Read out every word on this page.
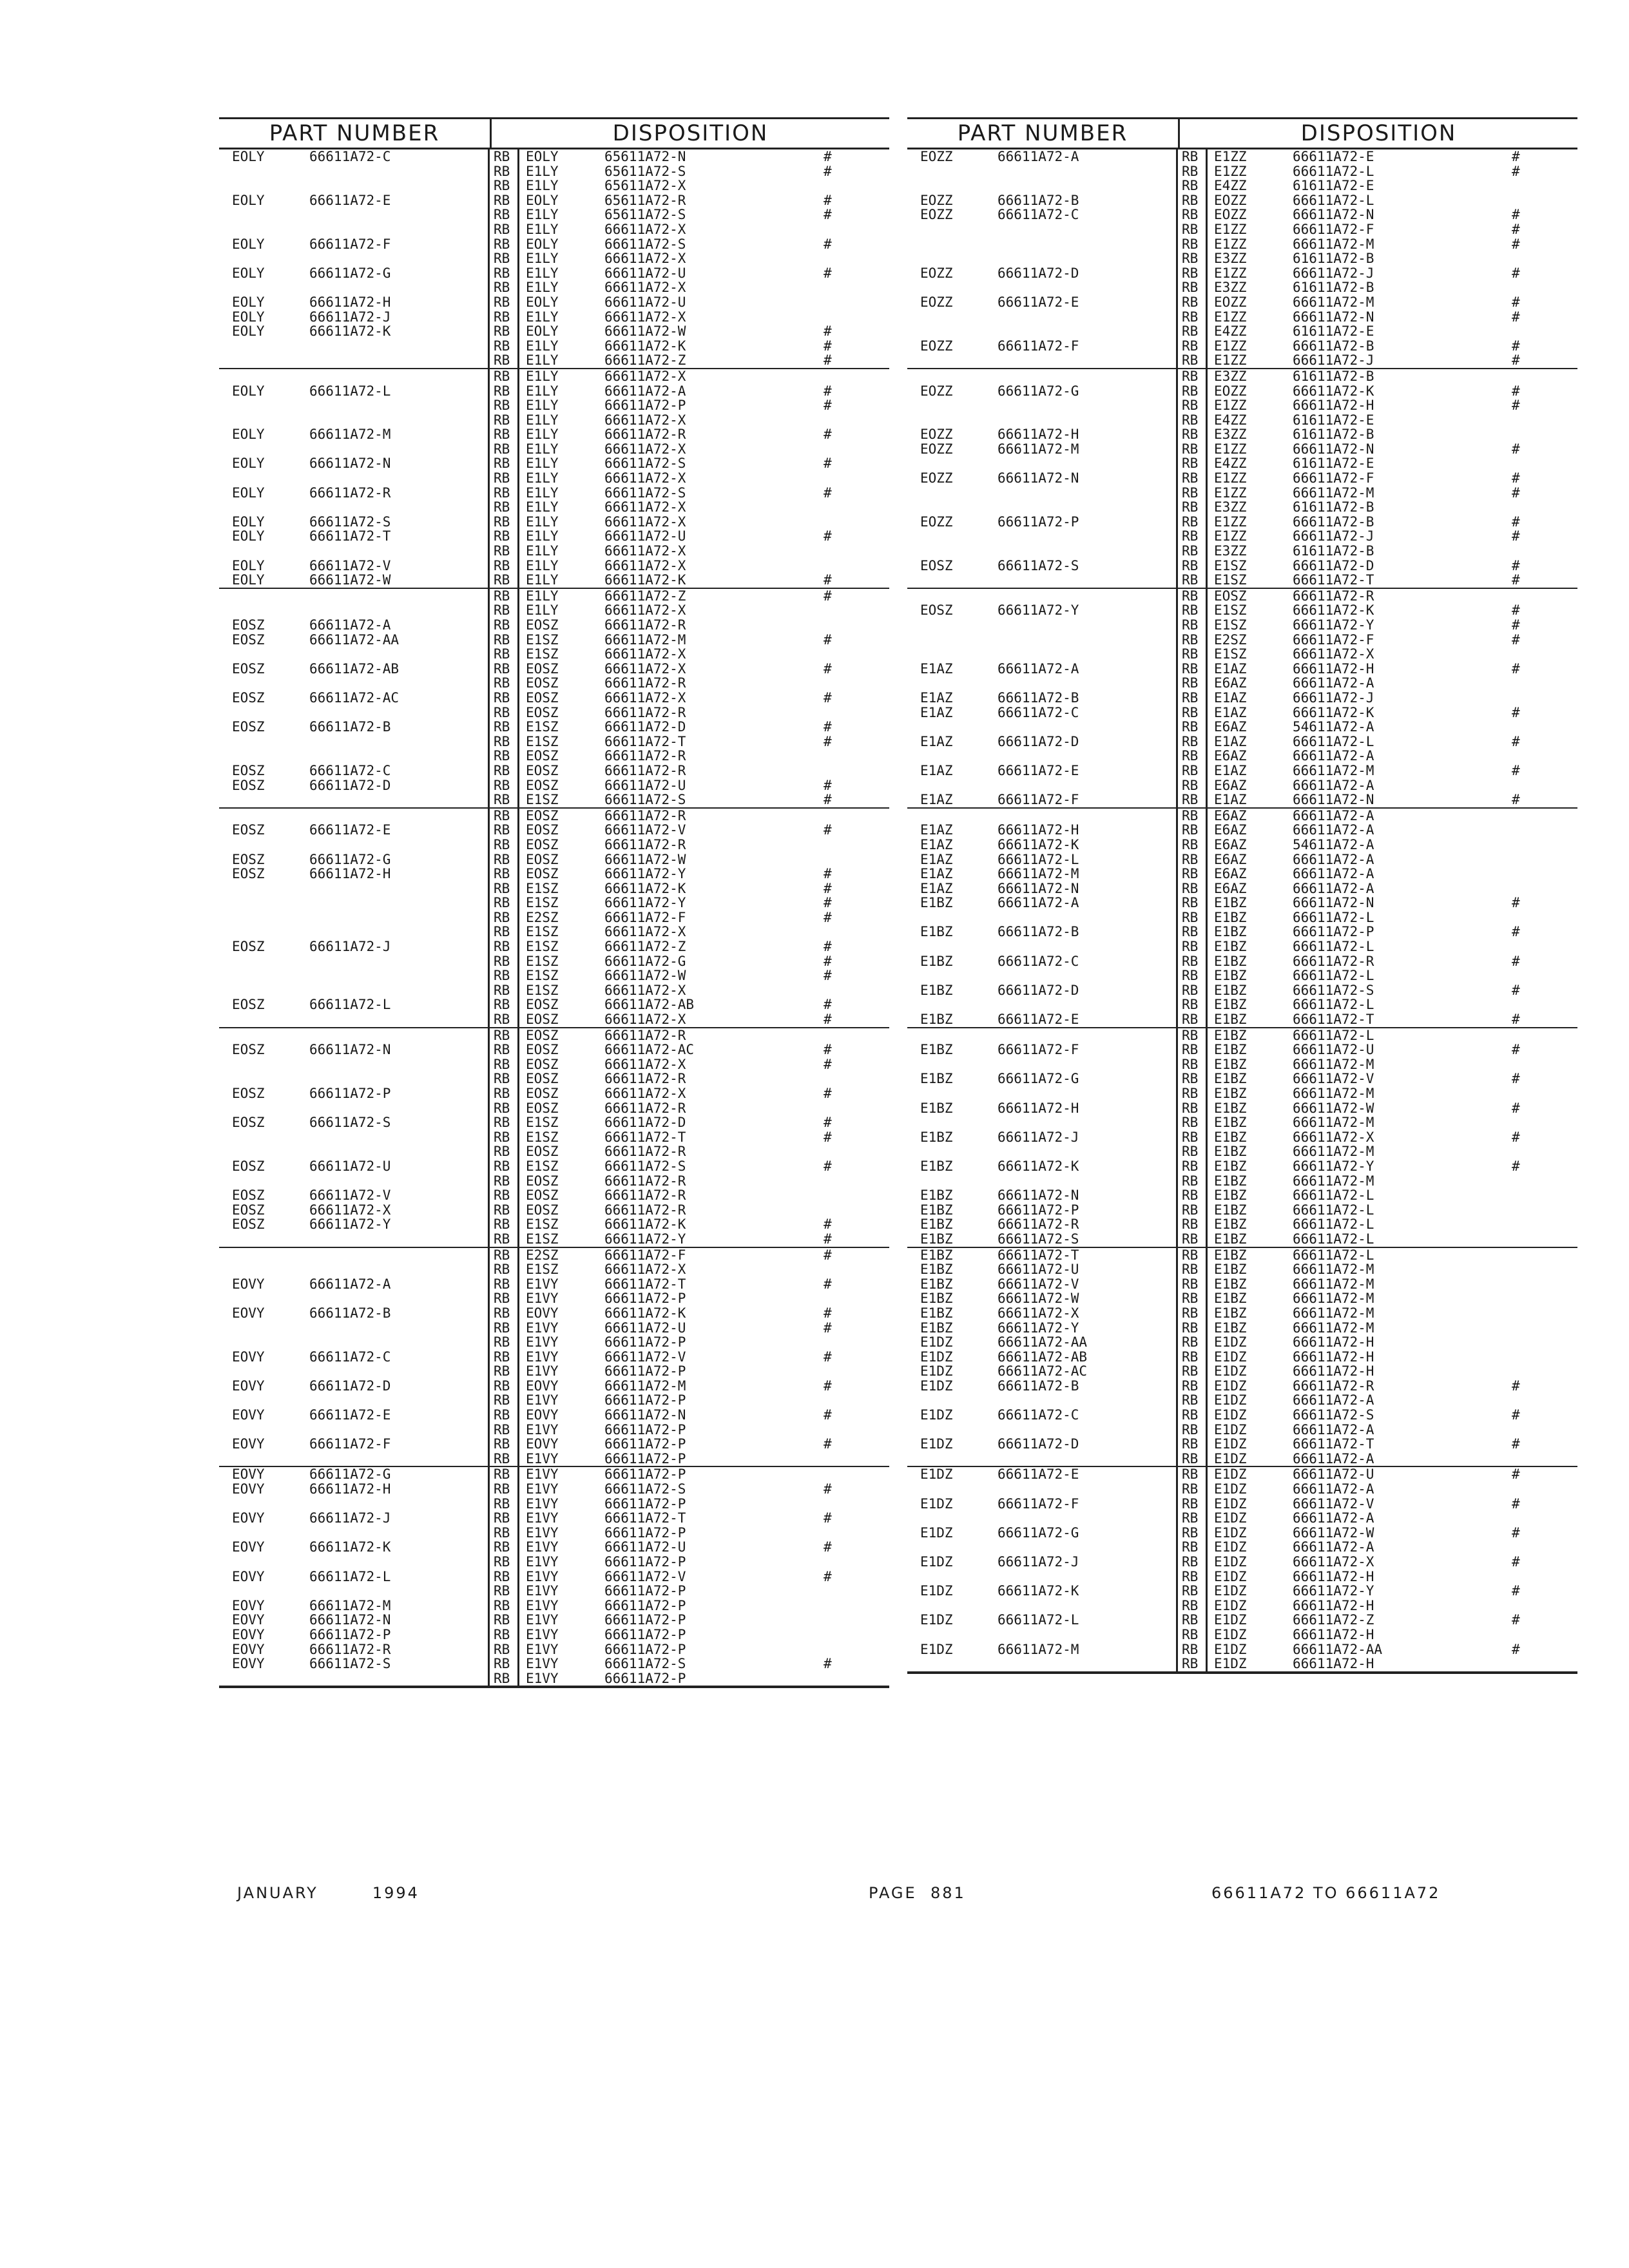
PART NUMBER	DISPOSITION
EOLY	66611A72-C	RB	EOLY	65611A72-N	#
RB	E1LY	65611A72-S	#
RB	E1LY	65611A72-X
EOLY	66611A72-E	RB	EOLY	65611A72-R	#
RB	E1LY	65611A72-S	#
RB	E1LY	66611A72-X
EOLY	66611A72-F	RB	EOLY	66611A72-S	#
RB	E1LY	66611A72-X
EOLY	66611A72-G	RB	E1LY	66611A72-U	#
RB	E1LY	66611A72-X
EOLY	66611A72-H	RB	EOLY	66611A72-U
EOLY	66611A72-J	RB	E1LY	66611A72-X
EOLY	66611A72-K	RB	EOLY	66611A72-W	#
RB	E1LY	66611A72-K	#
RB	E1LY	66611A72-Z	#
RB	E1LY	66611A72-X
EOLY	66611A72-L	RB	E1LY	66611A72-A	#
RB	E1LY	66611A72-P	#
RB	E1LY	66611A72-X
EOLY	66611A72-M	RB	E1LY	66611A72-R	#
RB	E1LY	66611A72-X
EOLY	66611A72-N	RB	E1LY	66611A72-S	#
RB	E1LY	66611A72-X
EOLY	66611A72-R	RB	E1LY	66611A72-S	#
RB	E1LY	66611A72-X
EOLY	66611A72-S	RB	E1LY	66611A72-X
EOLY	66611A72-T	RB	E1LY	66611A72-U	#
RB	E1LY	66611A72-X
EOLY	66611A72-V	RB	E1LY	66611A72-X
EOLY	66611A72-W	RB	E1LY	66611A72-K	#
RB	E1LY	66611A72-Z	#
RB	E1LY	66611A72-X
EOSZ	66611A72-A	RB	EOSZ	66611A72-R
EOSZ	66611A72-AA	RB	E1SZ	66611A72-M	#
RB	E1SZ	66611A72-X
EOSZ	66611A72-AB	RB	EOSZ	66611A72-X	#
RB	EOSZ	66611A72-R
EOSZ	66611A72-AC	RB	EOSZ	66611A72-X	#
RB	EOSZ	66611A72-R
EOSZ	66611A72-B	RB	E1SZ	66611A72-D	#
RB	E1SZ	66611A72-T	#
RB	EOSZ	66611A72-R
EOSZ	66611A72-C	RB	EOSZ	66611A72-R
EOSZ	66611A72-D	RB	EOSZ	66611A72-U	#
RB	E1SZ	66611A72-S	#
RB	EOSZ	66611A72-R
EOSZ	66611A72-E	RB	EOSZ	66611A72-V	#
RB	EOSZ	66611A72-R
EOSZ	66611A72-G	RB	EOSZ	66611A72-W
EOSZ	66611A72-H	RB	EOSZ	66611A72-Y	#
RB	E1SZ	66611A72-K	#
RB	E1SZ	66611A72-Y	#
RB	E2SZ	66611A72-F	#
RB	E1SZ	66611A72-X
EOSZ	66611A72-J	RB	E1SZ	66611A72-Z	#
RB	E1SZ	66611A72-G	#
RB	E1SZ	66611A72-W	#
RB	E1SZ	66611A72-X
EOSZ	66611A72-L	RB	EOSZ	66611A72-AB	#
RB	EOSZ	66611A72-X	#
RB	EOSZ	66611A72-R
EOSZ	66611A72-N	RB	EOSZ	66611A72-AC	#
RB	EOSZ	66611A72-X	#
RB	EOSZ	66611A72-R
EOSZ	66611A72-P	RB	EOSZ	66611A72-X	#
RB	EOSZ	66611A72-R
EOSZ	66611A72-S	RB	E1SZ	66611A72-D	#
RB	E1SZ	66611A72-T	#
RB	EOSZ	66611A72-R
EOSZ	66611A72-U	RB	E1SZ	66611A72-S	#
RB	EOSZ	66611A72-R
EOSZ	66611A72-V	RB	EOSZ	66611A72-R
EOSZ	66611A72-X	RB	EOSZ	66611A72-R
EOSZ	66611A72-Y	RB	E1SZ	66611A72-K	#
RB	E1SZ	66611A72-Y	#
RB	E2SZ	66611A72-F	#
RB	E1SZ	66611A72-X
EOVY	66611A72-A	RB	E1VY	66611A72-T	#
RB	E1VY	66611A72-P
EOVY	66611A72-B	RB	EOVY	66611A72-K	#
RB	E1VY	66611A72-U	#
RB	E1VY	66611A72-P
EOVY	66611A72-C	RB	E1VY	66611A72-V	#
RB	E1VY	66611A72-P
EOVY	66611A72-D	RB	EOVY	66611A72-M	#
RB	E1VY	66611A72-P
EOVY	66611A72-E	RB	EOVY	66611A72-N	#
RB	E1VY	66611A72-P
EOVY	66611A72-F	RB	EOVY	66611A72-P	#
RB	E1VY	66611A72-P
EOVY	66611A72-G	RB	E1VY	66611A72-P
EOVY	66611A72-H	RB	E1VY	66611A72-S	#
RB	E1VY	66611A72-P
EOVY	66611A72-J	RB	E1VY	66611A72-T	#
RB	E1VY	66611A72-P
EOVY	66611A72-K	RB	E1VY	66611A72-U	#
RB	E1VY	66611A72-P
EOVY	66611A72-L	RB	E1VY	66611A72-V	#
RB	E1VY	66611A72-P
EOVY	66611A72-M	RB	E1VY	66611A72-P
EOVY	66611A72-N	RB	E1VY	66611A72-P
EOVY	66611A72-P	RB	E1VY	66611A72-P
EOVY	66611A72-R	RB	E1VY	66611A72-P
EOVY	66611A72-S	RB	E1VY	66611A72-S	#
RB	E1VY	66611A72-P
PART NUMBER	DISPOSITION
EOZZ	66611A72-A	RB	E1ZZ	66611A72-E	#
RB	E1ZZ	66611A72-L	#
RB	E4ZZ	61611A72-E
EOZZ	66611A72-B	RB	EOZZ	66611A72-L
EOZZ	66611A72-C	RB	EOZZ	66611A72-N	#
RB	E1ZZ	66611A72-F	#
RB	E1ZZ	66611A72-M	#
RB	E3ZZ	61611A72-B
EOZZ	66611A72-D	RB	E1ZZ	66611A72-J	#
RB	E3ZZ	61611A72-B
EOZZ	66611A72-E	RB	EOZZ	66611A72-M	#
RB	E1ZZ	66611A72-N	#
RB	E4ZZ	61611A72-E
EOZZ	66611A72-F	RB	E1ZZ	66611A72-B	#
RB	E1ZZ	66611A72-J	#
RB	E3ZZ	61611A72-B
EOZZ	66611A72-G	RB	EOZZ	66611A72-K	#
RB	E1ZZ	66611A72-H	#
RB	E4ZZ	61611A72-E
EOZZ	66611A72-H	RB	E3ZZ	61611A72-B
EOZZ	66611A72-M	RB	E1ZZ	66611A72-N	#
RB	E4ZZ	61611A72-E
EOZZ	66611A72-N	RB	E1ZZ	66611A72-F	#
RB	E1ZZ	66611A72-M	#
RB	E3ZZ	61611A72-B
EOZZ	66611A72-P	RB	E1ZZ	66611A72-B	#
RB	E1ZZ	66611A72-J	#
RB	E3ZZ	61611A72-B
EOSZ	66611A72-S	RB	E1SZ	66611A72-D	#
RB	E1SZ	66611A72-T	#
RB	EOSZ	66611A72-R
EOSZ	66611A72-Y	RB	E1SZ	66611A72-K	#
RB	E1SZ	66611A72-Y	#
RB	E2SZ	66611A72-F	#
RB	E1SZ	66611A72-X
E1AZ	66611A72-A	RB	E1AZ	66611A72-H	#
RB	E6AZ	66611A72-A
E1AZ	66611A72-B	RB	E1AZ	66611A72-J
E1AZ	66611A72-C	RB	E1AZ	66611A72-K	#
RB	E6AZ	54611A72-A
E1AZ	66611A72-D	RB	E1AZ	66611A72-L	#
RB	E6AZ	66611A72-A
E1AZ	66611A72-E	RB	E1AZ	66611A72-M	#
RB	E6AZ	66611A72-A
E1AZ	66611A72-F	RB	E1AZ	66611A72-N	#
RB	E6AZ	66611A72-A
E1AZ	66611A72-H	RB	E6AZ	66611A72-A
E1AZ	66611A72-K	RB	E6AZ	54611A72-A
E1AZ	66611A72-L	RB	E6AZ	66611A72-A
E1AZ	66611A72-M	RB	E6AZ	66611A72-A
E1AZ	66611A72-N	RB	E6AZ	66611A72-A
E1BZ	66611A72-A	RB	E1BZ	66611A72-N	#
RB	E1BZ	66611A72-L
E1BZ	66611A72-B	RB	E1BZ	66611A72-P	#
RB	E1BZ	66611A72-L
E1BZ	66611A72-C	RB	E1BZ	66611A72-R	#
RB	E1BZ	66611A72-L
E1BZ	66611A72-D	RB	E1BZ	66611A72-S	#
RB	E1BZ	66611A72-L
E1BZ	66611A72-E	RB	E1BZ	66611A72-T	#
RB	E1BZ	66611A72-L
E1BZ	66611A72-F	RB	E1BZ	66611A72-U	#
RB	E1BZ	66611A72-M
E1BZ	66611A72-G	RB	E1BZ	66611A72-V	#
RB	E1BZ	66611A72-M
E1BZ	66611A72-H	RB	E1BZ	66611A72-W	#
RB	E1BZ	66611A72-M
E1BZ	66611A72-J	RB	E1BZ	66611A72-X	#
RB	E1BZ	66611A72-M
E1BZ	66611A72-K	RB	E1BZ	66611A72-Y	#
RB	E1BZ	66611A72-M
E1BZ	66611A72-N	RB	E1BZ	66611A72-L
E1BZ	66611A72-P	RB	E1BZ	66611A72-L
E1BZ	66611A72-R	RB	E1BZ	66611A72-L
E1BZ	66611A72-S	RB	E1BZ	66611A72-L
E1BZ	66611A72-T	RB	E1BZ	66611A72-L
E1BZ	66611A72-U	RB	E1BZ	66611A72-M
E1BZ	66611A72-V	RB	E1BZ	66611A72-M
E1BZ	66611A72-W	RB	E1BZ	66611A72-M
E1BZ	66611A72-X	RB	E1BZ	66611A72-M
E1BZ	66611A72-Y	RB	E1BZ	66611A72-M
E1DZ	66611A72-AA	RB	E1DZ	66611A72-H
E1DZ	66611A72-AB	RB	E1DZ	66611A72-H
E1DZ	66611A72-AC	RB	E1DZ	66611A72-H
E1DZ	66611A72-B	RB	E1DZ	66611A72-R	#
RB	E1DZ	66611A72-A
E1DZ	66611A72-C	RB	E1DZ	66611A72-S	#
RB	E1DZ	66611A72-A
E1DZ	66611A72-D	RB	E1DZ	66611A72-T	#
RB	E1DZ	66611A72-A
E1DZ	66611A72-E	RB	E1DZ	66611A72-U	#
RB	E1DZ	66611A72-A
E1DZ	66611A72-F	RB	E1DZ	66611A72-V	#
RB	E1DZ	66611A72-A
E1DZ	66611A72-G	RB	E1DZ	66611A72-W	#
RB	E1DZ	66611A72-A
E1DZ	66611A72-J	RB	E1DZ	66611A72-X	#
RB	E1DZ	66611A72-H
E1DZ	66611A72-K	RB	E1DZ	66611A72-Y	#
RB	E1DZ	66611A72-H
E1DZ	66611A72-L	RB	E1DZ	66611A72-Z	#
RB	E1DZ	66611A72-H
E1DZ	66611A72-M	RB	E1DZ	66611A72-AA	#
RB	E1DZ	66611A72-H
JANUARY	1994	PAGE 881	66611A72 TO 66611A72
